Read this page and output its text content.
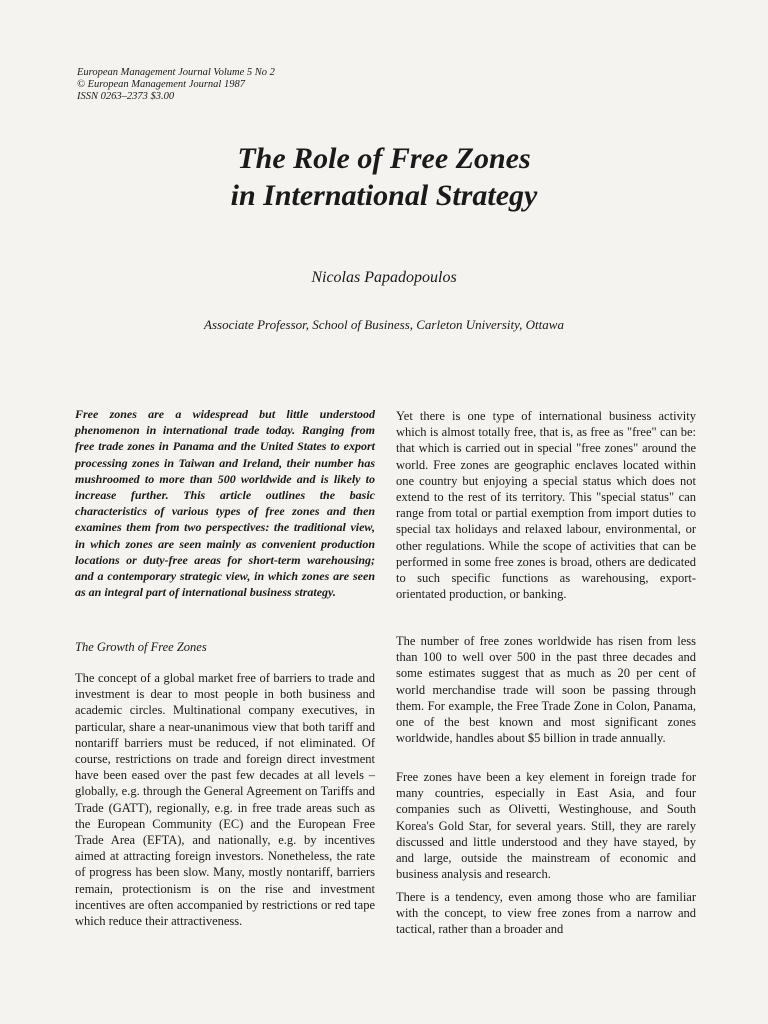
European Management Journal Volume 5 No 2
© European Management Journal 1987
ISSN 0263–2373 $3.00
The Role of Free Zones
in International Strategy
Nicolas Papadopoulos
Associate Professor, School of Business, Carleton University, Ottawa

Free zones are a widespread but little understood phenomenon in international trade today. Ranging from free trade zones in Panama and the United States to export processing zones in Taiwan and Ireland, their number has mushroomed to more than 500 worldwide and is likely to increase further. This article outlines the basic characteristics of various types of free zones and then examines them from two perspectives: the traditional view, in which zones are seen mainly as convenient production locations or duty-free areas for short-term warehousing; and a contemporary strategic view, in which zones are seen as an integral part of international business strategy.

The Growth of Free Zones

The concept of a global market free of barriers to trade and investment is dear to most people in both business and academic circles. Multinational company executives, in particular, share a near-unanimous view that both tariff and nontariff barriers must be reduced, if not eliminated. Of course, restrictions on trade and foreign direct investment have been eased over the past few decades at all levels – globally, e.g. through the General Agreement on Tariffs and Trade (GATT), regionally, e.g. in free trade areas such as the European Community (EC) and the European Free Trade Area (EFTA), and nationally, e.g. by incentives aimed at attracting foreign investors. Nonetheless, the rate of progress has been slow. Many, mostly nontariff, barriers remain, protectionism is on the rise and investment incentives are often accompanied by restrictions or red tape which reduce their attractiveness.

Yet there is one type of international business activity which is almost totally free, that is, as free as "free" can be: that which is carried out in special "free zones" around the world. Free zones are geographic enclaves located within one country but enjoying a special status which does not extend to the rest of its territory. This "special status" can range from total or partial exemption from import duties to special tax holidays and relaxed labour, environmental, or other regulations. While the scope of activities that can be performed in some free zones is broad, others are dedicated to such specific functions as warehousing, export-orientated production, or banking.

The number of free zones worldwide has risen from less than 100 to well over 500 in the past three decades and some estimates suggest that as much as 20 per cent of world merchandise trade will soon be passing through them. For example, the Free Trade Zone in Colon, Panama, one of the best known and most significant zones worldwide, handles about $5 billion in trade annually.

Free zones have been a key element in foreign trade for many countries, especially in East Asia, and four companies such as Olivetti, Westinghouse, and South Korea's Gold Star, for several years. Still, they are rarely discussed and little understood and they have stayed, by and large, outside the mainstream of economic and business analysis and research.

There is a tendency, even among those who are familiar with the concept, to view free zones from a narrow and tactical, rather than a broader and
